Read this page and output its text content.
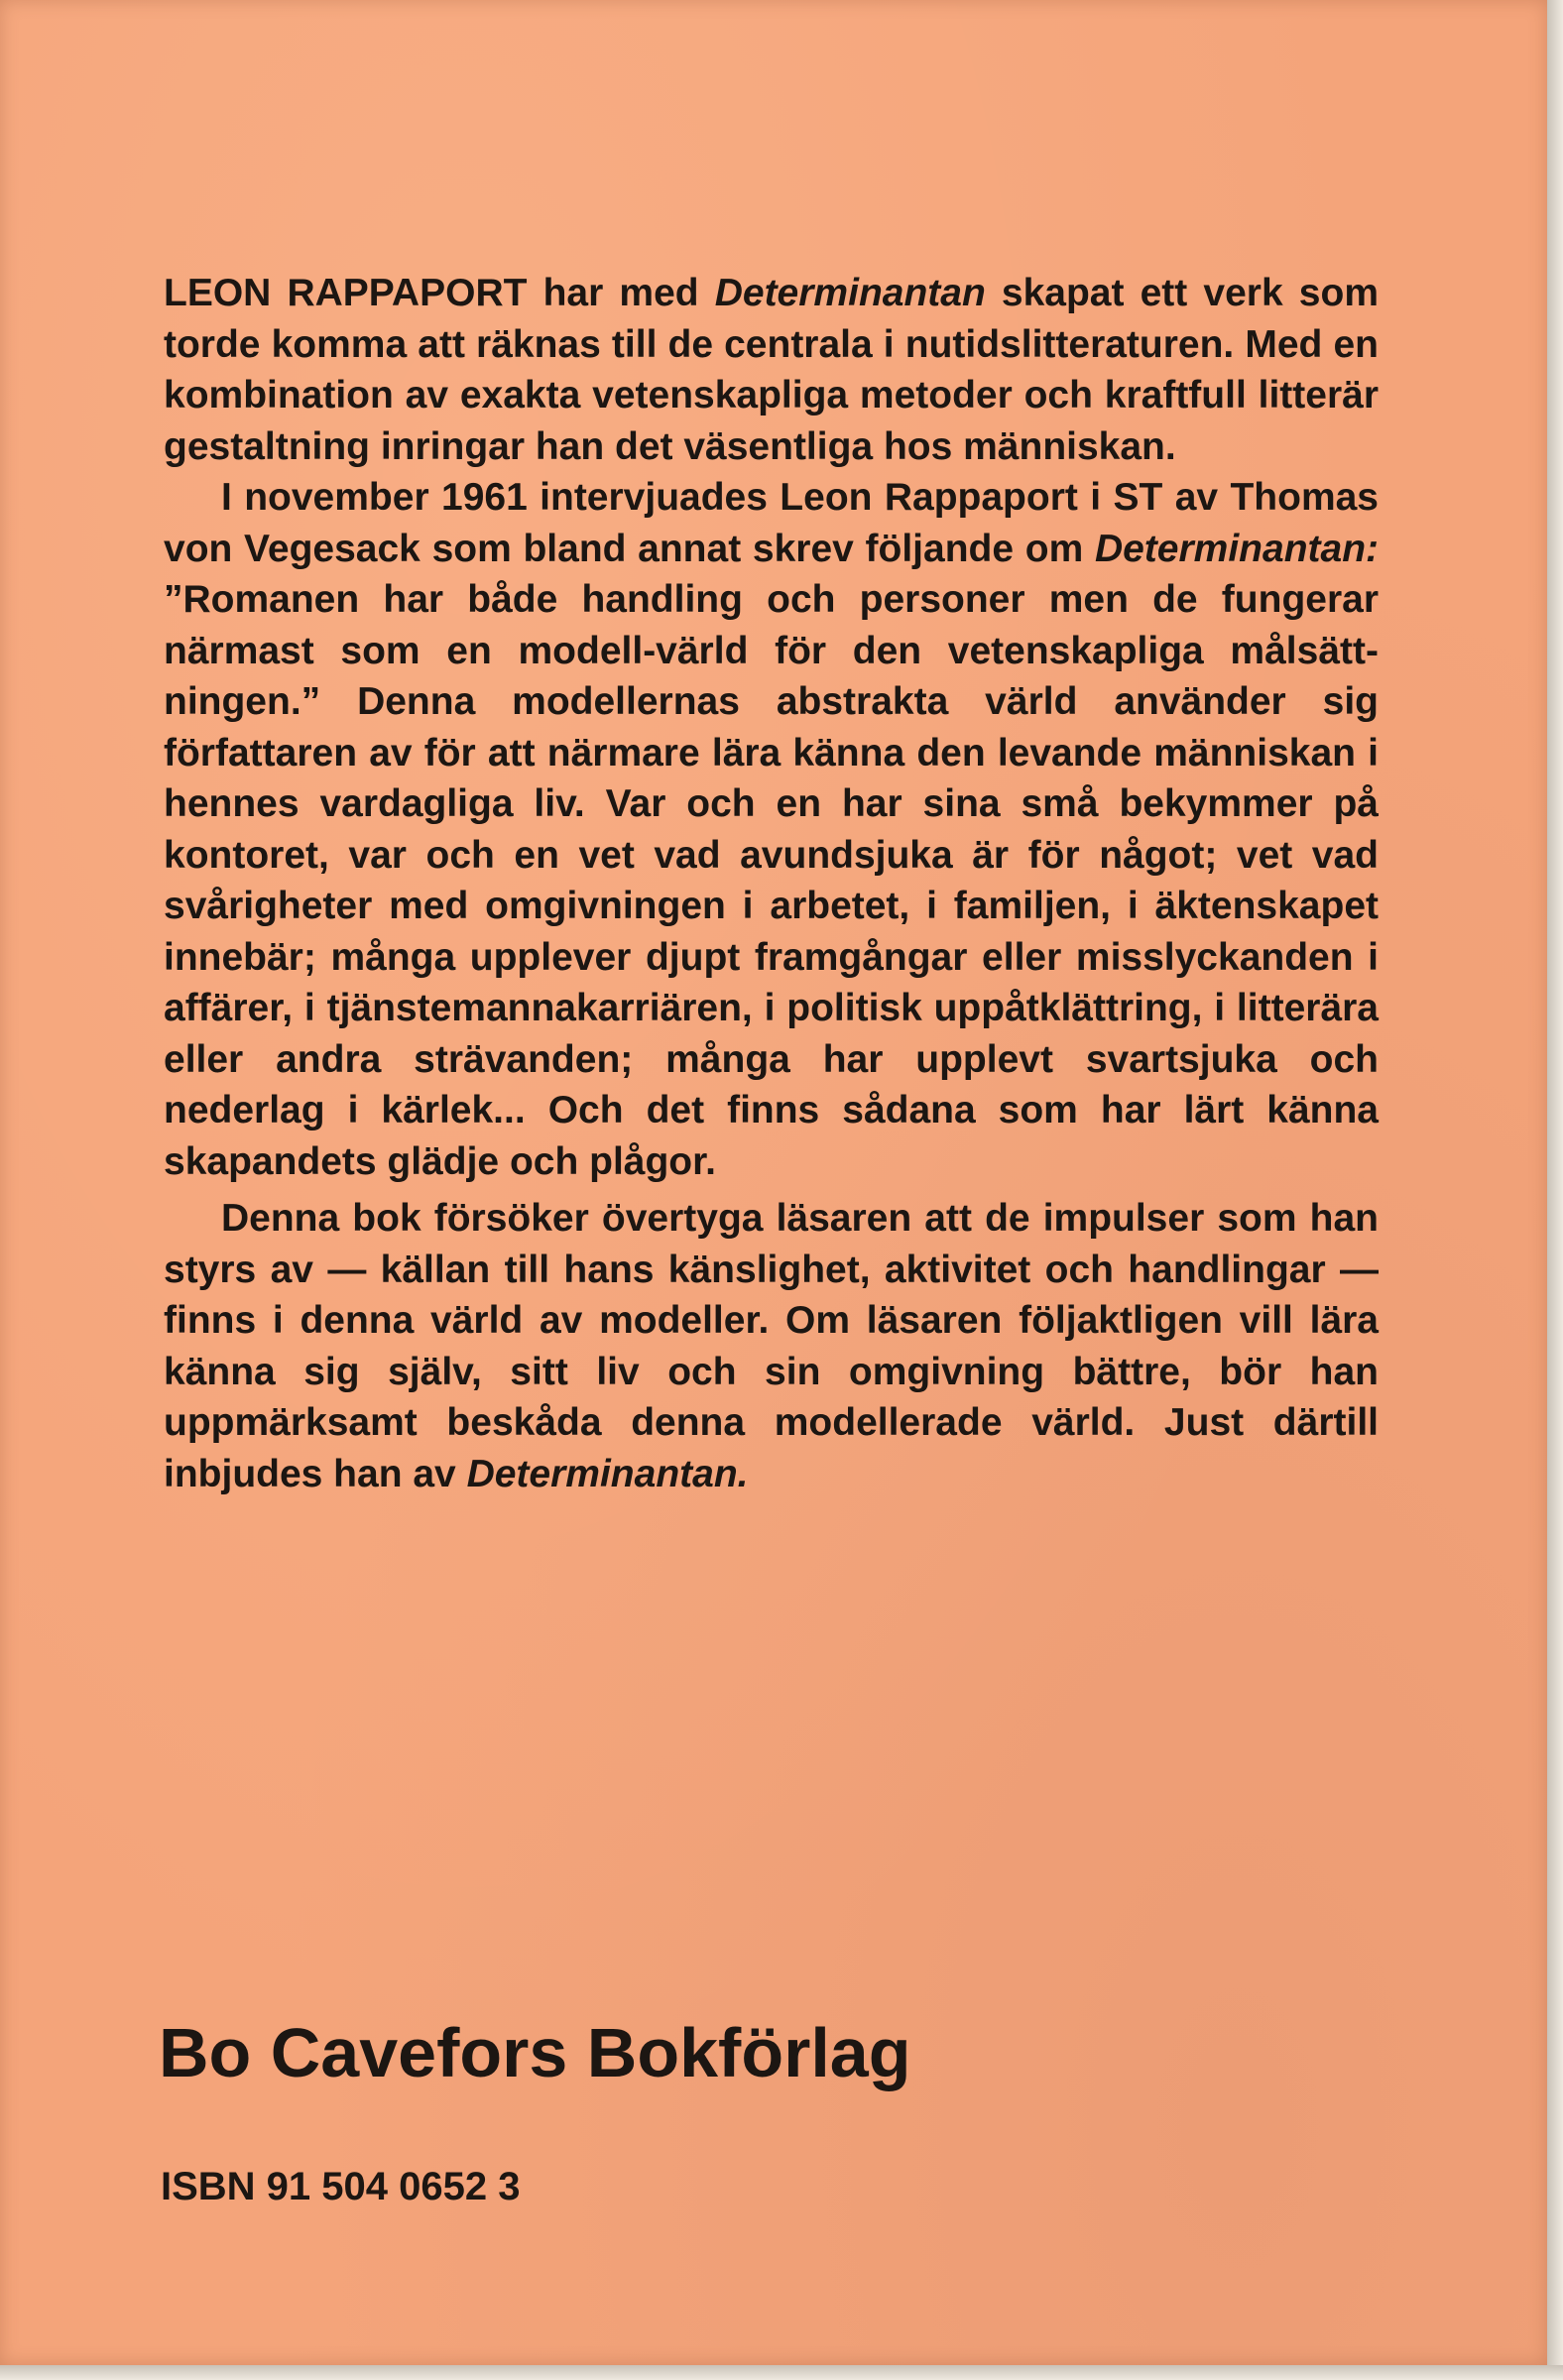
LEON RAPPAPORT har med Determinantan skapat ett verk som torde komma att räknas till de centrala i nutidslitteraturen. Med en kombination av exakta vetenskapliga metoder och kraftfull litterär gestaltning inringar han det väsentliga hos människan.

I november 1961 intervjuades Leon Rappaport i ST av Thomas von Vegesack som bland annat skrev följande om Determinantan: ”Romanen har både handling och personer men de fungerar närmast som en modell-värld för den vetenskapliga målsättningen.” Denna modellernas abstrakta värld använder sig författaren av för att närmare lära känna den levande människan i hennes vardagliga liv. Var och en har sina små bekymmer på kontoret, var och en vet vad avundsjuka är för något; vet vad svårigheter med omgivningen i arbetet, i familjen, i äktenskapet innebär; många upplever djupt framgångar eller misslyckanden i affärer, i tjänstemannakarriären, i politisk uppåtklättring, i litterära eller andra strävanden; många har upplevt svartsjuka och nederlag i kärlek... Och det finns sådana som har lärt känna skapandets glädje och plågor.

Denna bok försöker övertyga läsaren att de impulser som han styrs av — källan till hans känslighet, aktivitet och handlingar — finns i denna värld av modeller. Om läsaren följaktligen vill lära känna sig själv, sitt liv och sin omgivning bättre, bör han uppmärksamt beskåda denna modellerade värld. Just därtill inbjudes han av Determinantan.

Bo Cavefors Bokförlag
ISBN 91 504 0652 3
